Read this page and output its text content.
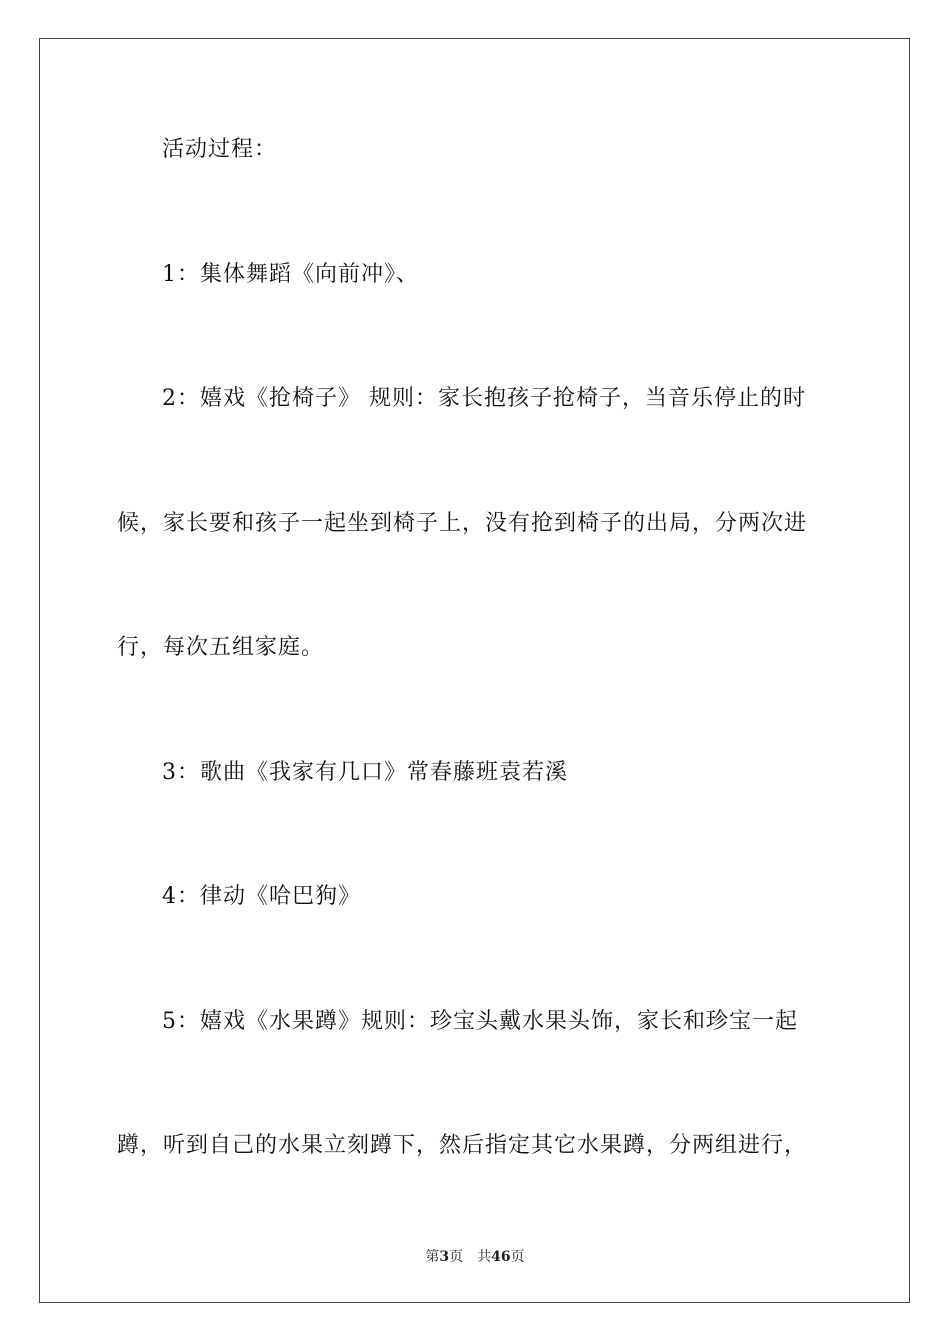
活动过程：
1：集体舞蹈《向前冲》、
2：嬉戏《抢椅子》 规则：家长抱孩子抢椅子，当音乐停止的时
候，家长要和孩子一起坐到椅子上，没有抢到椅子的出局，分两次进
行，每次五组家庭。
3：歌曲《我家有几口》常春藤班袁若溪
4：律动《哈巴狗》
5：嬉戏《水果蹲》规则：珍宝头戴水果头饰，家长和珍宝一起
蹲，听到自己的水果立刻蹲下，然后指定其它水果蹲，分两组进行，
第3页 共46页
